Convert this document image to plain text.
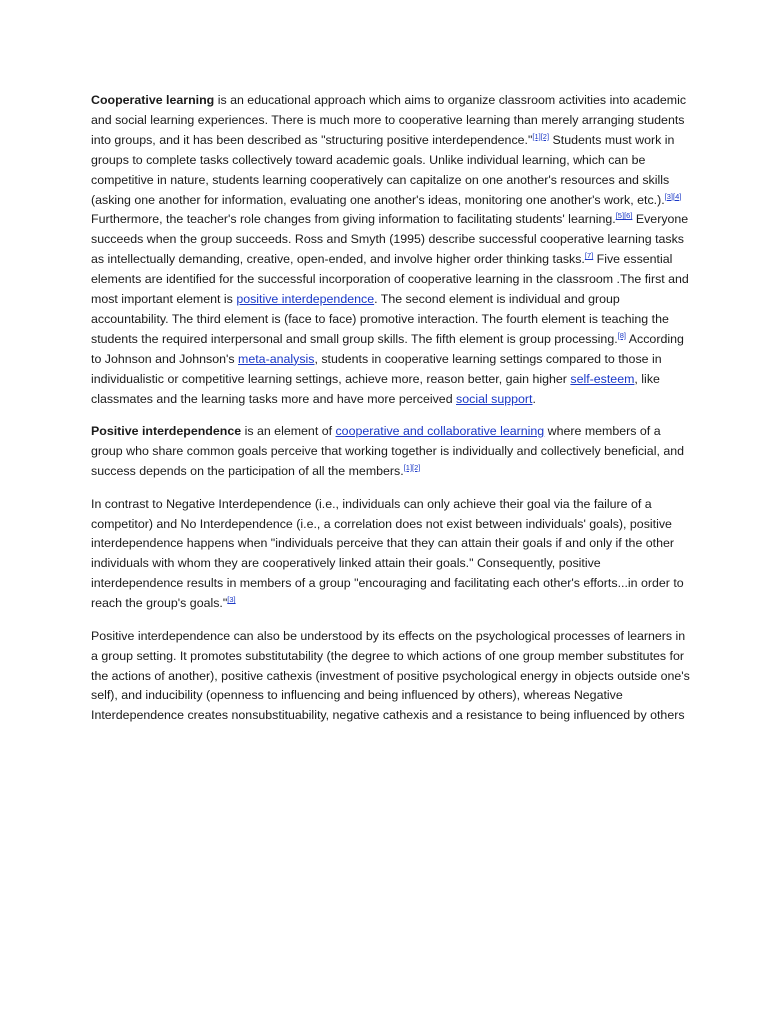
Cooperative learning is an educational approach which aims to organize classroom activities into academic and social learning experiences. There is much more to cooperative learning than merely arranging students into groups, and it has been described as "structuring positive interdependence."[1][2] Students must work in groups to complete tasks collectively toward academic goals. Unlike individual learning, which can be competitive in nature, students learning cooperatively can capitalize on one another's resources and skills (asking one another for information, evaluating one another's ideas, monitoring one another's work, etc.).[3][4] Furthermore, the teacher's role changes from giving information to facilitating students' learning.[5][6] Everyone succeeds when the group succeeds. Ross and Smyth (1995) describe successful cooperative learning tasks as intellectually demanding, creative, open-ended, and involve higher order thinking tasks.[7] Five essential elements are identified for the successful incorporation of cooperative learning in the classroom .The first and most important element is positive interdependence. The second element is individual and group accountability. The third element is (face to face) promotive interaction. The fourth element is teaching the students the required interpersonal and small group skills. The fifth element is group processing.[8] According to Johnson and Johnson's meta-analysis, students in cooperative learning settings compared to those in individualistic or competitive learning settings, achieve more, reason better, gain higher self-esteem, like classmates and the learning tasks more and have more perceived social support.

Positive interdependence is an element of cooperative and collaborative learning where members of a group who share common goals perceive that working together is individually and collectively beneficial, and success depends on the participation of all the members.[1][2]

In contrast to Negative Interdependence (i.e., individuals can only achieve their goal via the failure of a competitor) and No Interdependence (i.e., a correlation does not exist between individuals' goals), positive interdependence happens when "individuals perceive that they can attain their goals if and only if the other individuals with whom they are cooperatively linked attain their goals." Consequently, positive interdependence results in members of a group "encouraging and facilitating each other's efforts...in order to reach the group's goals."[3]

Positive interdependence can also be understood by its effects on the psychological processes of learners in a group setting. It promotes substitutability (the degree to which actions of one group member substitutes for the actions of another), positive cathexis (investment of positive psychological energy in objects outside one's self), and inducibility (openness to influencing and being influenced by others), whereas Negative Interdependence creates nonsubstituability, negative cathexis and a resistance to being influenced by others
